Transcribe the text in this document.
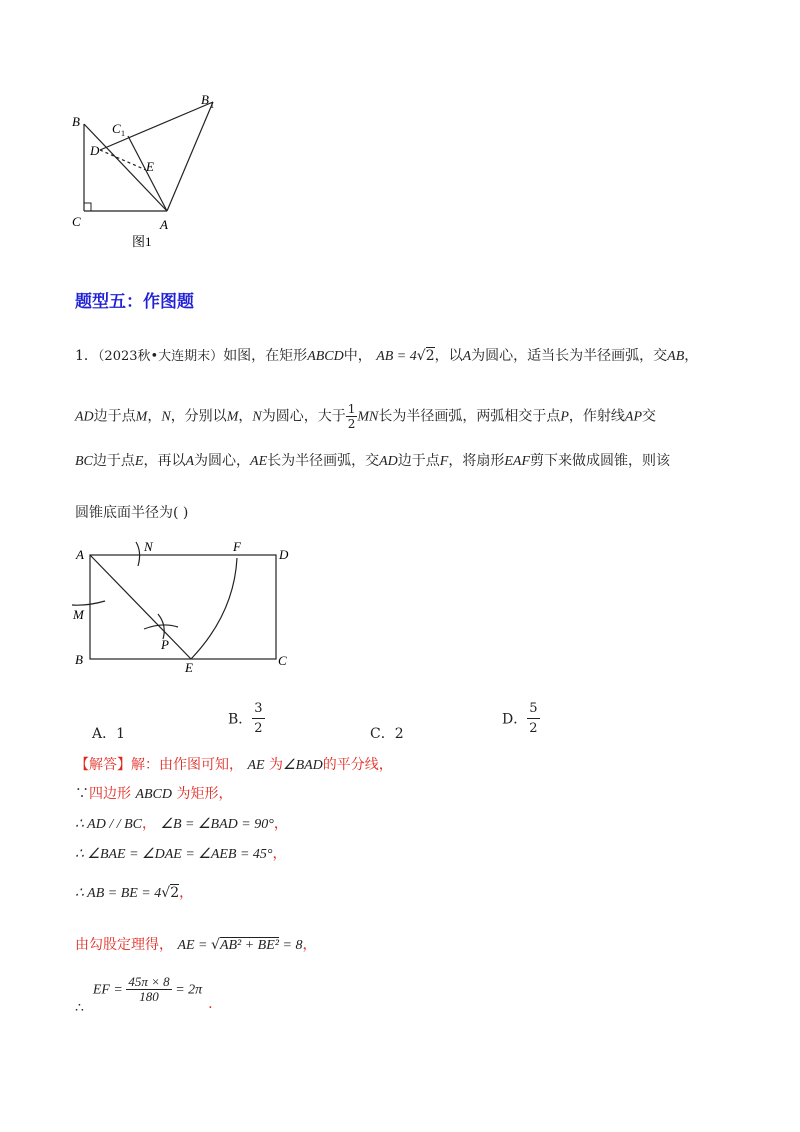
B
B 1
C 1
D
E
C	A
图1
题型五：作图题
1．（2023秋•大连期末）如图，在矩形ABCD中， AB = 4√2，以A为圆心，适当长为半径画弧，交AB，
AD边于点M，N，分别以M，N为圆心，大于 $\frac{1}{2}$ MN长为半径画弧，两弧相交于点P，作射线AP交
BC边于点E，再以A为圆心，AE长为半径画弧，交AD边于点F，将扇形EAF剪下来做成圆锥，则该
圆锥底面半径为( )
A
N	F
D
M
P
B
E	C
A．1
B． $\frac{3}{2}$	C．2
D． $\frac{5}{2}$
【解答】解：由作图可知， AE 为∠BAD的平分线，
∵四边形 ABCD 为矩形，
∴ AD / / BC， ∠B = ∠BAD = 90°，
∴ ∠BAE = ∠DAE = ∠AEB = 45°，
∴ AB = BE = 4√2，
由勾股定理得， AE = √AB² + BE² = 8，
∴  EF = $\frac{45\pi \times 8}{180} = 2\pi$.
